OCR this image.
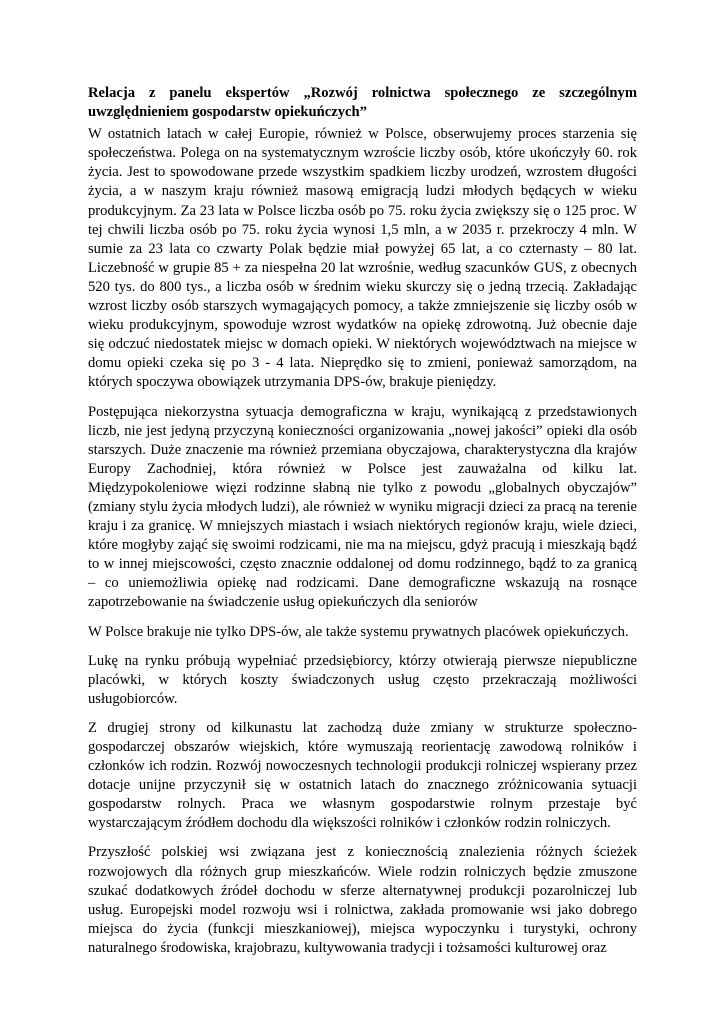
Relacja z panelu ekspertów „Rozwój rolnictwa społecznego ze szczególnym uwzględnieniem gospodarstw opiekuńczych”

W ostatnich latach w całej Europie, również w Polsce, obserwujemy proces starzenia się społeczeństwa. Polega on na systematycznym wzroście liczby osób, które ukończyły 60. rok życia. Jest to spowodowane przede wszystkim spadkiem liczby urodzeń, wzrostem długości życia, a w naszym kraju również masową emigracją ludzi młodych będących w wieku produkcyjnym. Za 23 lata w Polsce liczba osób po 75. roku życia zwiększy się o 125 proc. W tej chwili liczba osób po 75. roku życia wynosi 1,5 mln, a w 2035 r. przekroczy 4 mln. W sumie za 23 lata co czwarty Polak będzie miał powyżej 65 lat, a co czternasty – 80 lat. Liczebność w grupie 85 + za niespełna 20 lat wzrośnie, według szacunków GUS, z obecnych 520 tys. do 800 tys., a liczba osób w średnim wieku skurczy się o jedną trzecią. Zakładając wzrost liczby osób starszych wymagających pomocy, a także zmniejszenie się liczby osób w wieku produkcyjnym, spowoduje wzrost wydatków na opiekę zdrowotną. Już obecnie daje się odczuć niedostatek miejsc w domach opieki. W niektórych województwach na miejsce w domu opieki czeka się po 3 - 4 lata. Nieprędko się to zmieni, ponieważ samorządom, na których spoczywa obowiązek utrzymania DPS-ów, brakuje pieniędzy.

Postępująca niekorzystna sytuacja demograficzna w kraju, wynikającą z przedstawionych liczb, nie jest jedyną przyczyną konieczności organizowania „nowej jakości” opieki dla osób starszych. Duże znaczenie ma również przemiana obyczajowa, charakterystyczna dla krajów Europy Zachodniej, która również w Polsce jest zauważalna od kilku lat. Międzypokoleniowe więzi rodzinne słabną nie tylko z powodu „globalnych obyczajów” (zmiany stylu życia młodych ludzi), ale również w wyniku migracji dzieci za pracą na terenie kraju i za granicę. W mniejszych miastach i wsiach niektórych regionów kraju, wiele dzieci, które mogłyby zająć się swoimi rodzicami, nie ma na miejscu, gdyż pracują i mieszkają bądź to w innej miejscowości, często znacznie oddalonej od domu rodzinnego, bądź to za granicą – co uniemożliwia opiekę nad rodzicami. Dane demograficzne wskazują na rosnące zapotrzebowanie na świadczenie usług opiekuńczych dla seniorów

W Polsce brakuje nie tylko DPS-ów, ale także systemu prywatnych placówek opiekuńczych.

Lukę na rynku próbują wypełniać przedsiębiorcy, którzy otwierają pierwsze niepubliczne placówki, w których koszty świadczonych usług często przekraczają możliwości usługobiorców.

Z drugiej strony od kilkunastu lat zachodzą duże zmiany w strukturze społeczno-gospodarczej obszarów wiejskich, które wymuszają reorientację zawodową rolników i członków ich rodzin. Rozwój nowoczesnych technologii produkcji rolniczej wspierany przez dotacje unijne przyczynił się w ostatnich latach do znacznego zróżnicowania sytuacji gospodarstw rolnych. Praca we własnym gospodarstwie rolnym przestaje być wystarczającym źródłem dochodu dla większości rolników i członków rodzin rolniczych.

Przyszłość polskiej wsi związana jest z koniecznością znalezienia różnych ścieżek rozwojowych dla różnych grup mieszkańców. Wiele rodzin rolniczych będzie zmuszone szukać dodatkowych źródeł dochodu w sferze alternatywnej produkcji pozarolniczej lub usług. Europejski model rozwoju wsi i rolnictwa, zakłada promowanie wsi jako dobrego miejsca do życia (funkcji mieszkaniowej), miejsca wypoczynku i turystyki, ochrony naturalnego środowiska, krajobrazu, kultywowania tradycji i tożsamości kulturowej oraz
